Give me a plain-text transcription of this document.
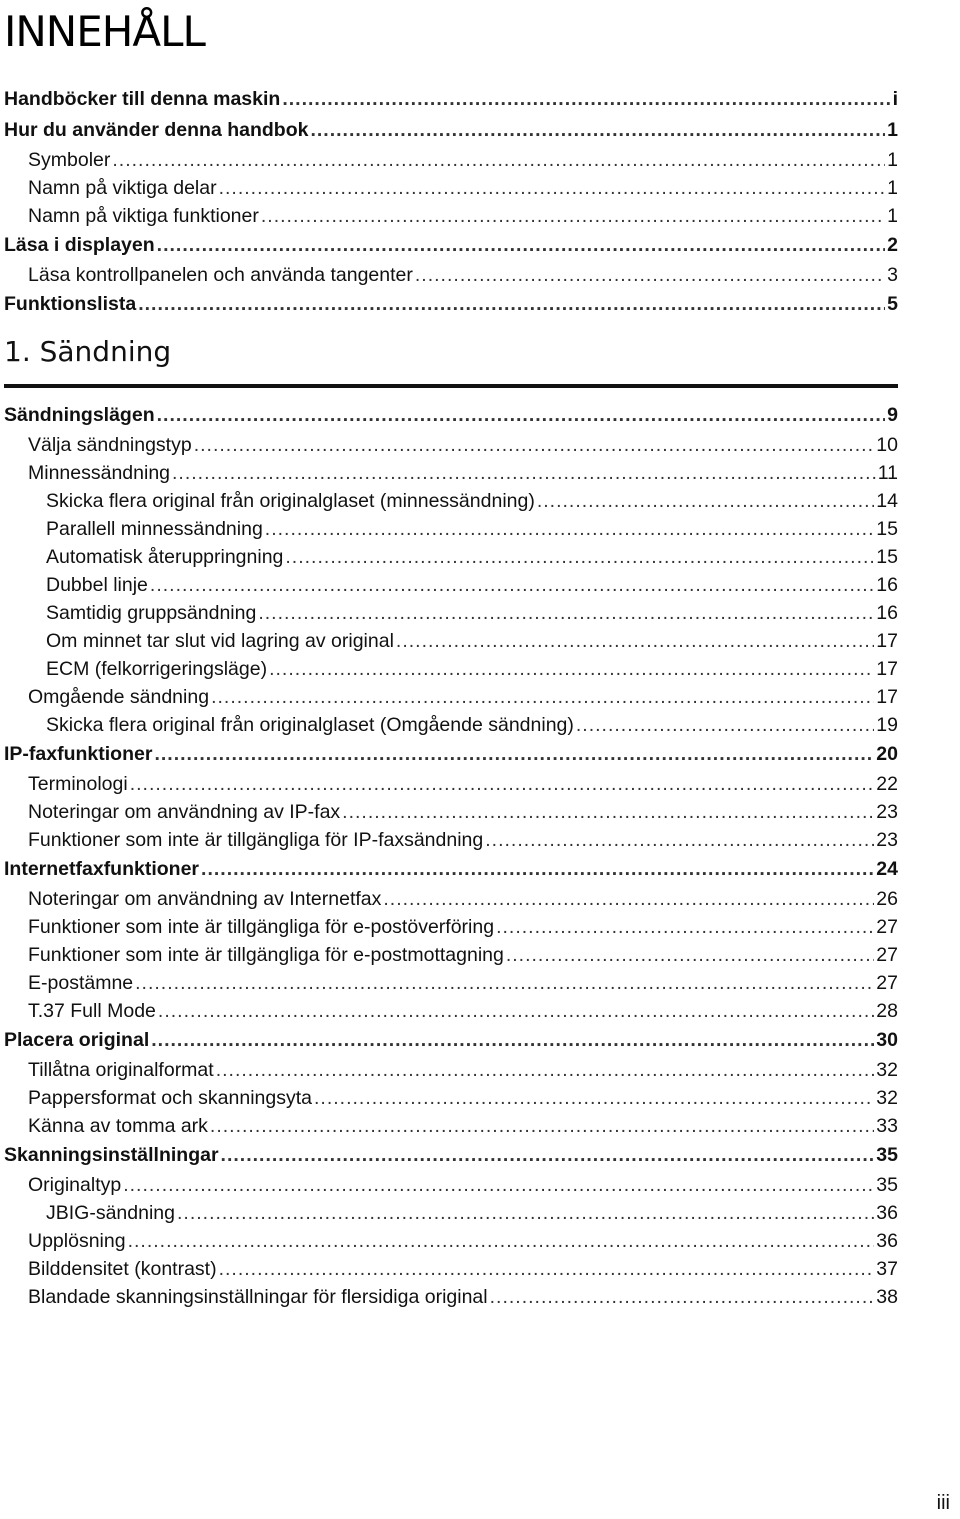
INNEHÅLL
Handböcker till denna maskin .....	i
Hur du använder denna handbok .....	1
Symboler .....	1
Namn på viktiga delar .....	1
Namn på viktiga funktioner .....	1
Läsa i displayen .....	2
Läsa kontrollpanelen och använda tangenter .....	3
Funktionslista .....	5
1. Sändning
Sändningslägen .....	9
Välja sändningstyp .....	10
Minnessändning .....	11
Skicka flera original från originalglaset (minnessändning) .....	14
Parallell minnessändning .....	15
Automatisk återuppringning .....	15
Dubbel linje .....	16
Samtidig gruppsändning .....	16
Om minnet tar slut vid lagring av original .....	17
ECM (felkorrigeringsläge) .....	17
Omgående sändning .....	17
Skicka flera original från originalglaset (Omgående sändning) .....	19
IP-faxfunktioner .....	20
Terminologi .....	22
Noteringar om användning av IP-fax .....	23
Funktioner som inte är tillgängliga för IP-faxsändning .....	23
Internetfaxfunktioner .....	24
Noteringar om användning av Internetfax .....	26
Funktioner som inte är tillgängliga för e-postöverföring .....	27
Funktioner som inte är tillgängliga för e-postmottagning .....	27
E-postämne .....	27
T.37 Full Mode .....	28
Placera original .....	30
Tillåtna originalformat .....	32
Pappersformat och skanningsyta .....	32
Känna av tomma ark .....	33
Skanningsinställningar .....	35
Originaltyp .....	35
JBIG-sändning .....	36
Upplösning .....	36
Bilddensitet (kontrast) .....	37
Blandade skanningsinställningar för flersidiga original .....	38
iii
